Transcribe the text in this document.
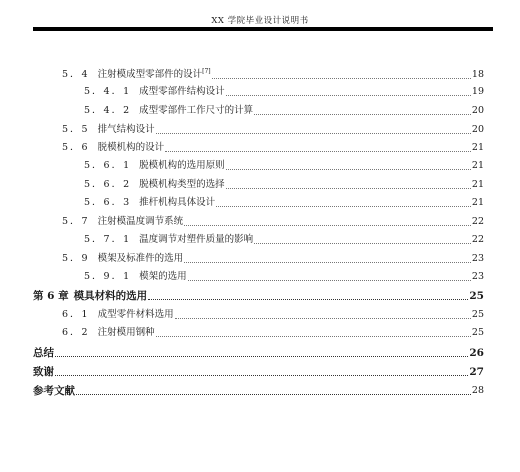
XX 学院毕业设计说明书
5．4 注射模成型零部件的设计[7]	18
5．4．1 成型零部件结构设计	19
5．4．2 成型零部件工作尺寸的计算	20
5．5 排气结构设计	20
5．6 脱模机构的设计	21
5．6．1 脱模机构的选用原则	21
5．6．2 脱模机构类型的选择	21
5．6．3 推杆机构具体设计	21
5．7 注射模温度调节系统	22
5．7．1 温度调节对塑件质量的影响	22
5．9 模架及标准件的选用	23
5．9．1 模架的选用	23
第 6 章 模具材料的选用	25
6．1 成型零件材料选用	25
6．2 注射模用钢种	25
总结	26
致谢	27
参考文献	28
